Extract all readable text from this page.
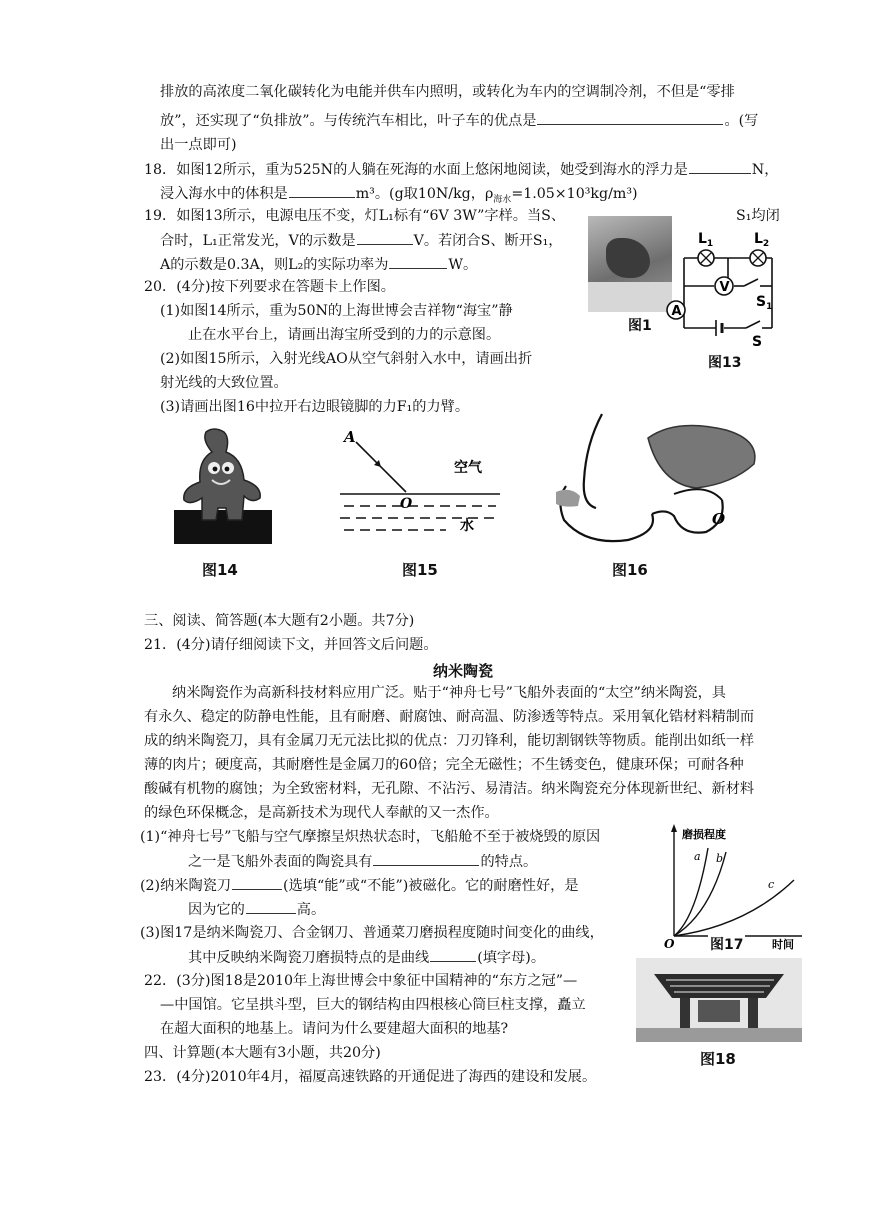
排放的高浓度二氧化碳转化为电能并供车内照明，或转化为车内的空调制冷剂，不但是“零排
放”，还实现了“负排放”。与传统汽车相比，叶子车的优点是	。(写
出一点即可)
18．如图12所示，重为525N的人躺在死海的水面上悠闲地阅读，她受到海水的浮力是	N，
浸入海水中的体积是	m³。(g取10N/kg，$\rho_{海水}=1.05\times 10^3kg/m^3$)
19．如图13所示，电源电压不变，灯L₁标有“6V 3W”字样。当S、	S₁均闭
合时，L₁正常发光，V的示数是	V。若闭合S、断开S₁，
A的示数是0.3A，则L₂的实际功率为	W。
20．(4分)按下列要求在答题卡上作图。
(1)如图14所示，重为50N的上海世博会吉祥物“海宝”静
止在水平台上，请画出海宝所受到的力的示意图。
(2)如图15所示，入射光线AO从空气斜射入水中，请画出折
射光线的大致位置。
(3)请画出图16中拉开右边眼镜脚的力F₁的力臂。
图1
V
A
$L_1$	$L_2$
$S_1$
S
图13
图14
A
O
空气
水
图15
O
图16
三、阅读、简答题(本大题有2小题。共7分)
21．(4分)请仔细阅读下文，并回答文后问题。
纳米陶瓷
纳米陶瓷作为高新科技材料应用广泛。贴于“神舟七号”飞船外表面的“太空”纳米陶瓷，具
有永久、稳定的防静电性能，且有耐磨、耐腐蚀、耐高温、防渗透等特点。采用氧化锆材料精制而
成的纳米陶瓷刀，具有金属刀无元法比拟的优点：刀刃锋利，能切割钢铁等物质。能削出如纸一样
薄的肉片；硬度高，其耐磨性是金属刀的60倍；完全无磁性；不生锈变色，健康环保；可耐各种
酸碱有机物的腐蚀；为全致密材料，无孔隙、不沾污、易清洁。纳米陶瓷充分体现新世纪、新材料
的绿色环保概念，是高新技术为现代人奉献的又一杰作。
(1)“神舟七号”飞船与空气摩擦呈炽热状态时，飞船舱不至于被烧毁的原因
之一是飞船外表面的陶瓷具有	的特点。
(2)纳米陶瓷刀	(选填“能”或“不能”)被磁化。它的耐磨性好，是
因为它的	高。
(3)图17是纳米陶瓷刀、合金钢刀、普通菜刀磨损程度随时间变化的曲线，
其中反映纳米陶瓷刀磨损特点的是曲线	(填字母)。
磨损程度
a b
c
O	时间
图17
22．(3分)图18是2010年上海世博会中象征中国精神的“东方之冠”—
—中国馆。它呈拱斗型，巨大的钢结构由四根核心筒巨柱支撑，矗立
在超大面积的地基上。请问为什么要建超大面积的地基?
图18
四、计算题(本大题有3小题，共20分)
23．(4分)2010年4月，福厦高速铁路的开通促进了海西的建设和发展。
